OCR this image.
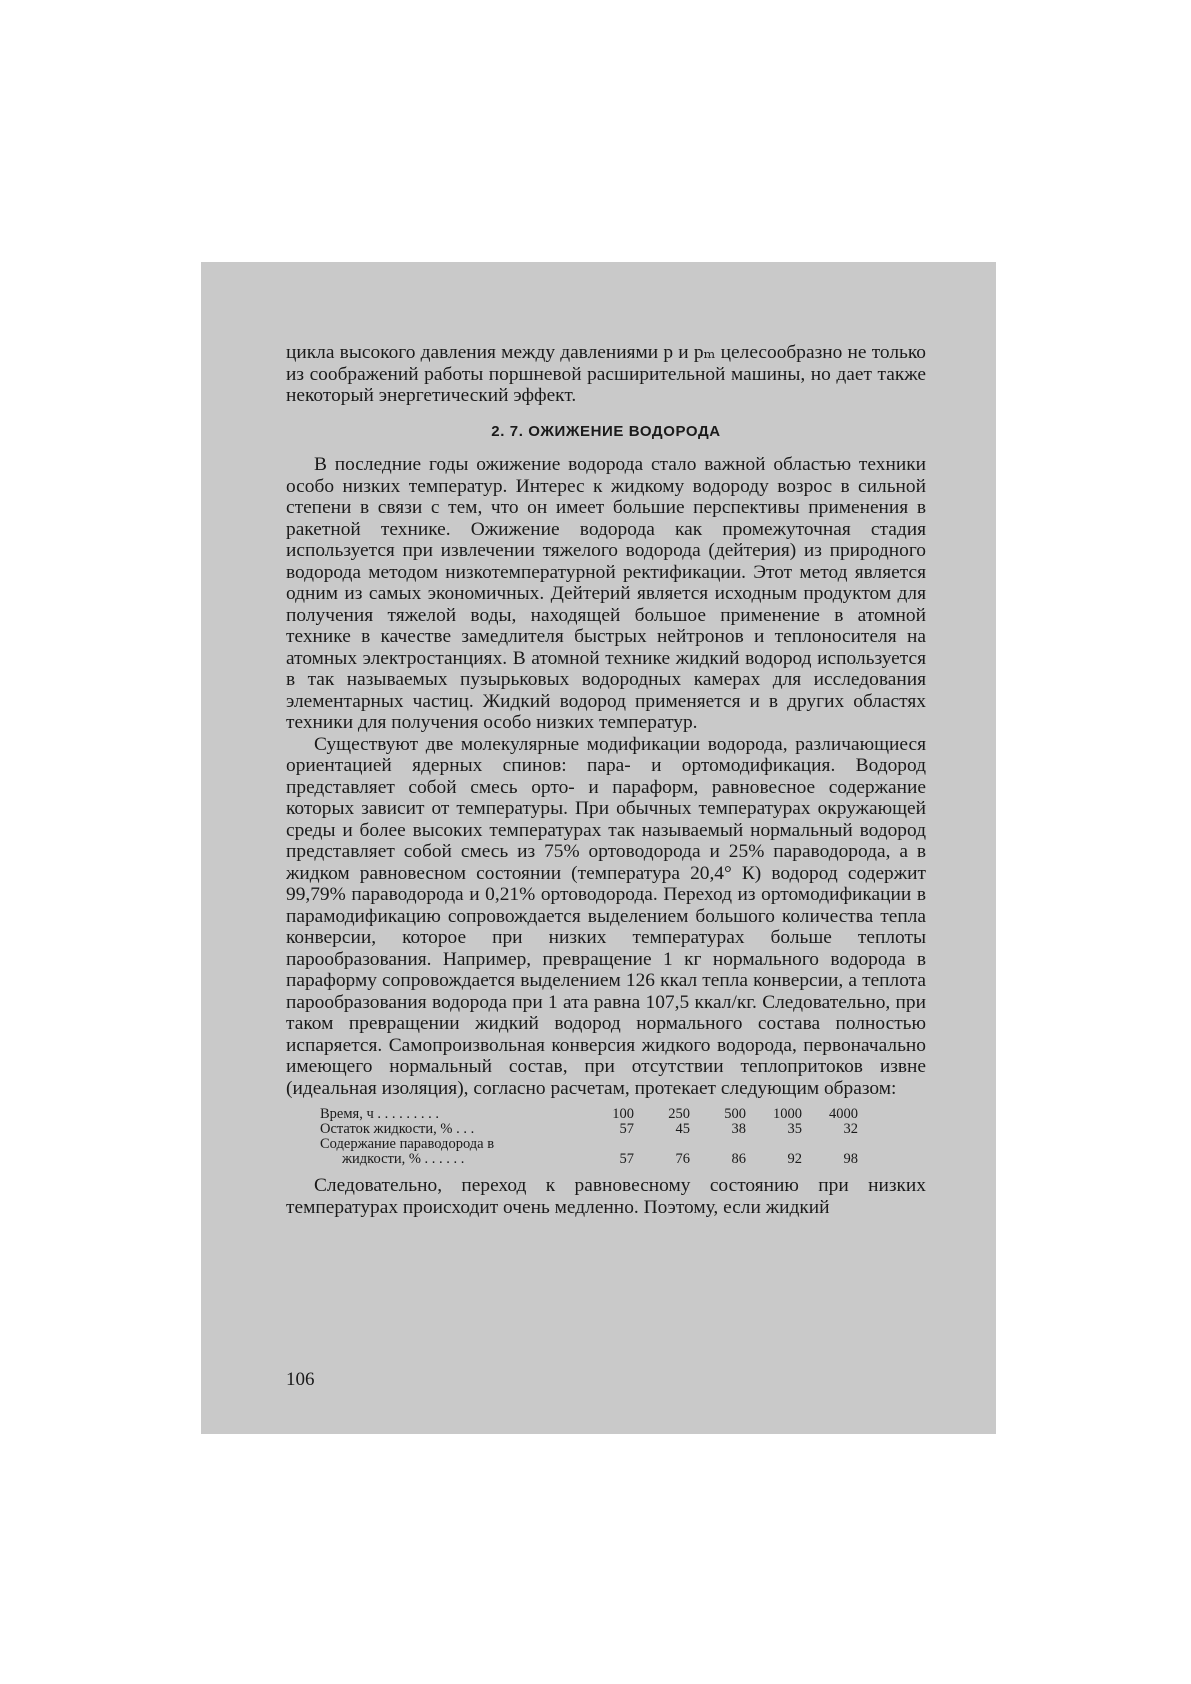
цикла высокого давления между давлениями p и pₘ целесообразно не только из соображений работы поршневой расширительной машины, но дает также некоторый энергетический эффект.

2. 7. ОЖИЖЕНИЕ ВОДОРОДА

В последние годы ожижение водорода стало важной областью техники особо низких температур. Интерес к жидкому водороду возрос в сильной степени в связи с тем, что он имеет большие перспективы применения в ракетной технике. Ожижение водорода как промежуточная стадия используется при извлечении тяжелого водорода (дейтерия) из природного водорода методом низкотемпературной ректификации. Этот метод является одним из самых экономичных. Дейтерий является исходным продуктом для получения тяжелой воды, находящей большое применение в атомной технике в качестве замедлителя быстрых нейтронов и теплоносителя на атомных электростанциях. В атомной технике жидкий водород используется в так называемых пузырьковых водородных камерах для исследования элементарных частиц. Жидкий водород применяется и в других областях техники для получения особо низких температур.

Существуют две молекулярные модификации водорода, различающиеся ориентацией ядерных спинов: пара- и ортомодификация. Водород представляет собой смесь орто- и параформ, равновесное содержание которых зависит от температуры. При обычных температурах окружающей среды и более высоких температурах так называемый нормальный водород представляет собой смесь из 75% ортоводорода и 25% параводорода, а в жидком равновесном состоянии (температура 20,4° К) водород содержит 99,79% параводорода и 0,21% ортоводорода. Переход из ортомодификации в парамодификацию сопровождается выделением большого количества тепла конверсии, которое при низких температурах больше теплоты парообразования. Например, превращение 1 кг нормального водорода в параформу сопровождается выделением 126 ккал тепла конверсии, а теплота парообразования водорода при 1 ата равна 107,5 ккал/кг. Следовательно, при таком превращении жидкий водород нормального состава полностью испаряется. Самопроизвольная конверсия жидкого водорода, первоначально имеющего нормальный состав, при отсутствии теплопритоков извне (идеальная изоляция), согласно расчетам, протекает следующим образом:

Время, ч . . . . . . . . .	100	250	500	1000	4000
Остаток жидкости, % . . .	57	45	38	35	32
Содержание параводорода в
жидкости, % . . . . . .	57	76	86	92	98

Следовательно, переход к равновесному состоянию при низких температурах происходит очень медленно. Поэтому, если жидкий

106
